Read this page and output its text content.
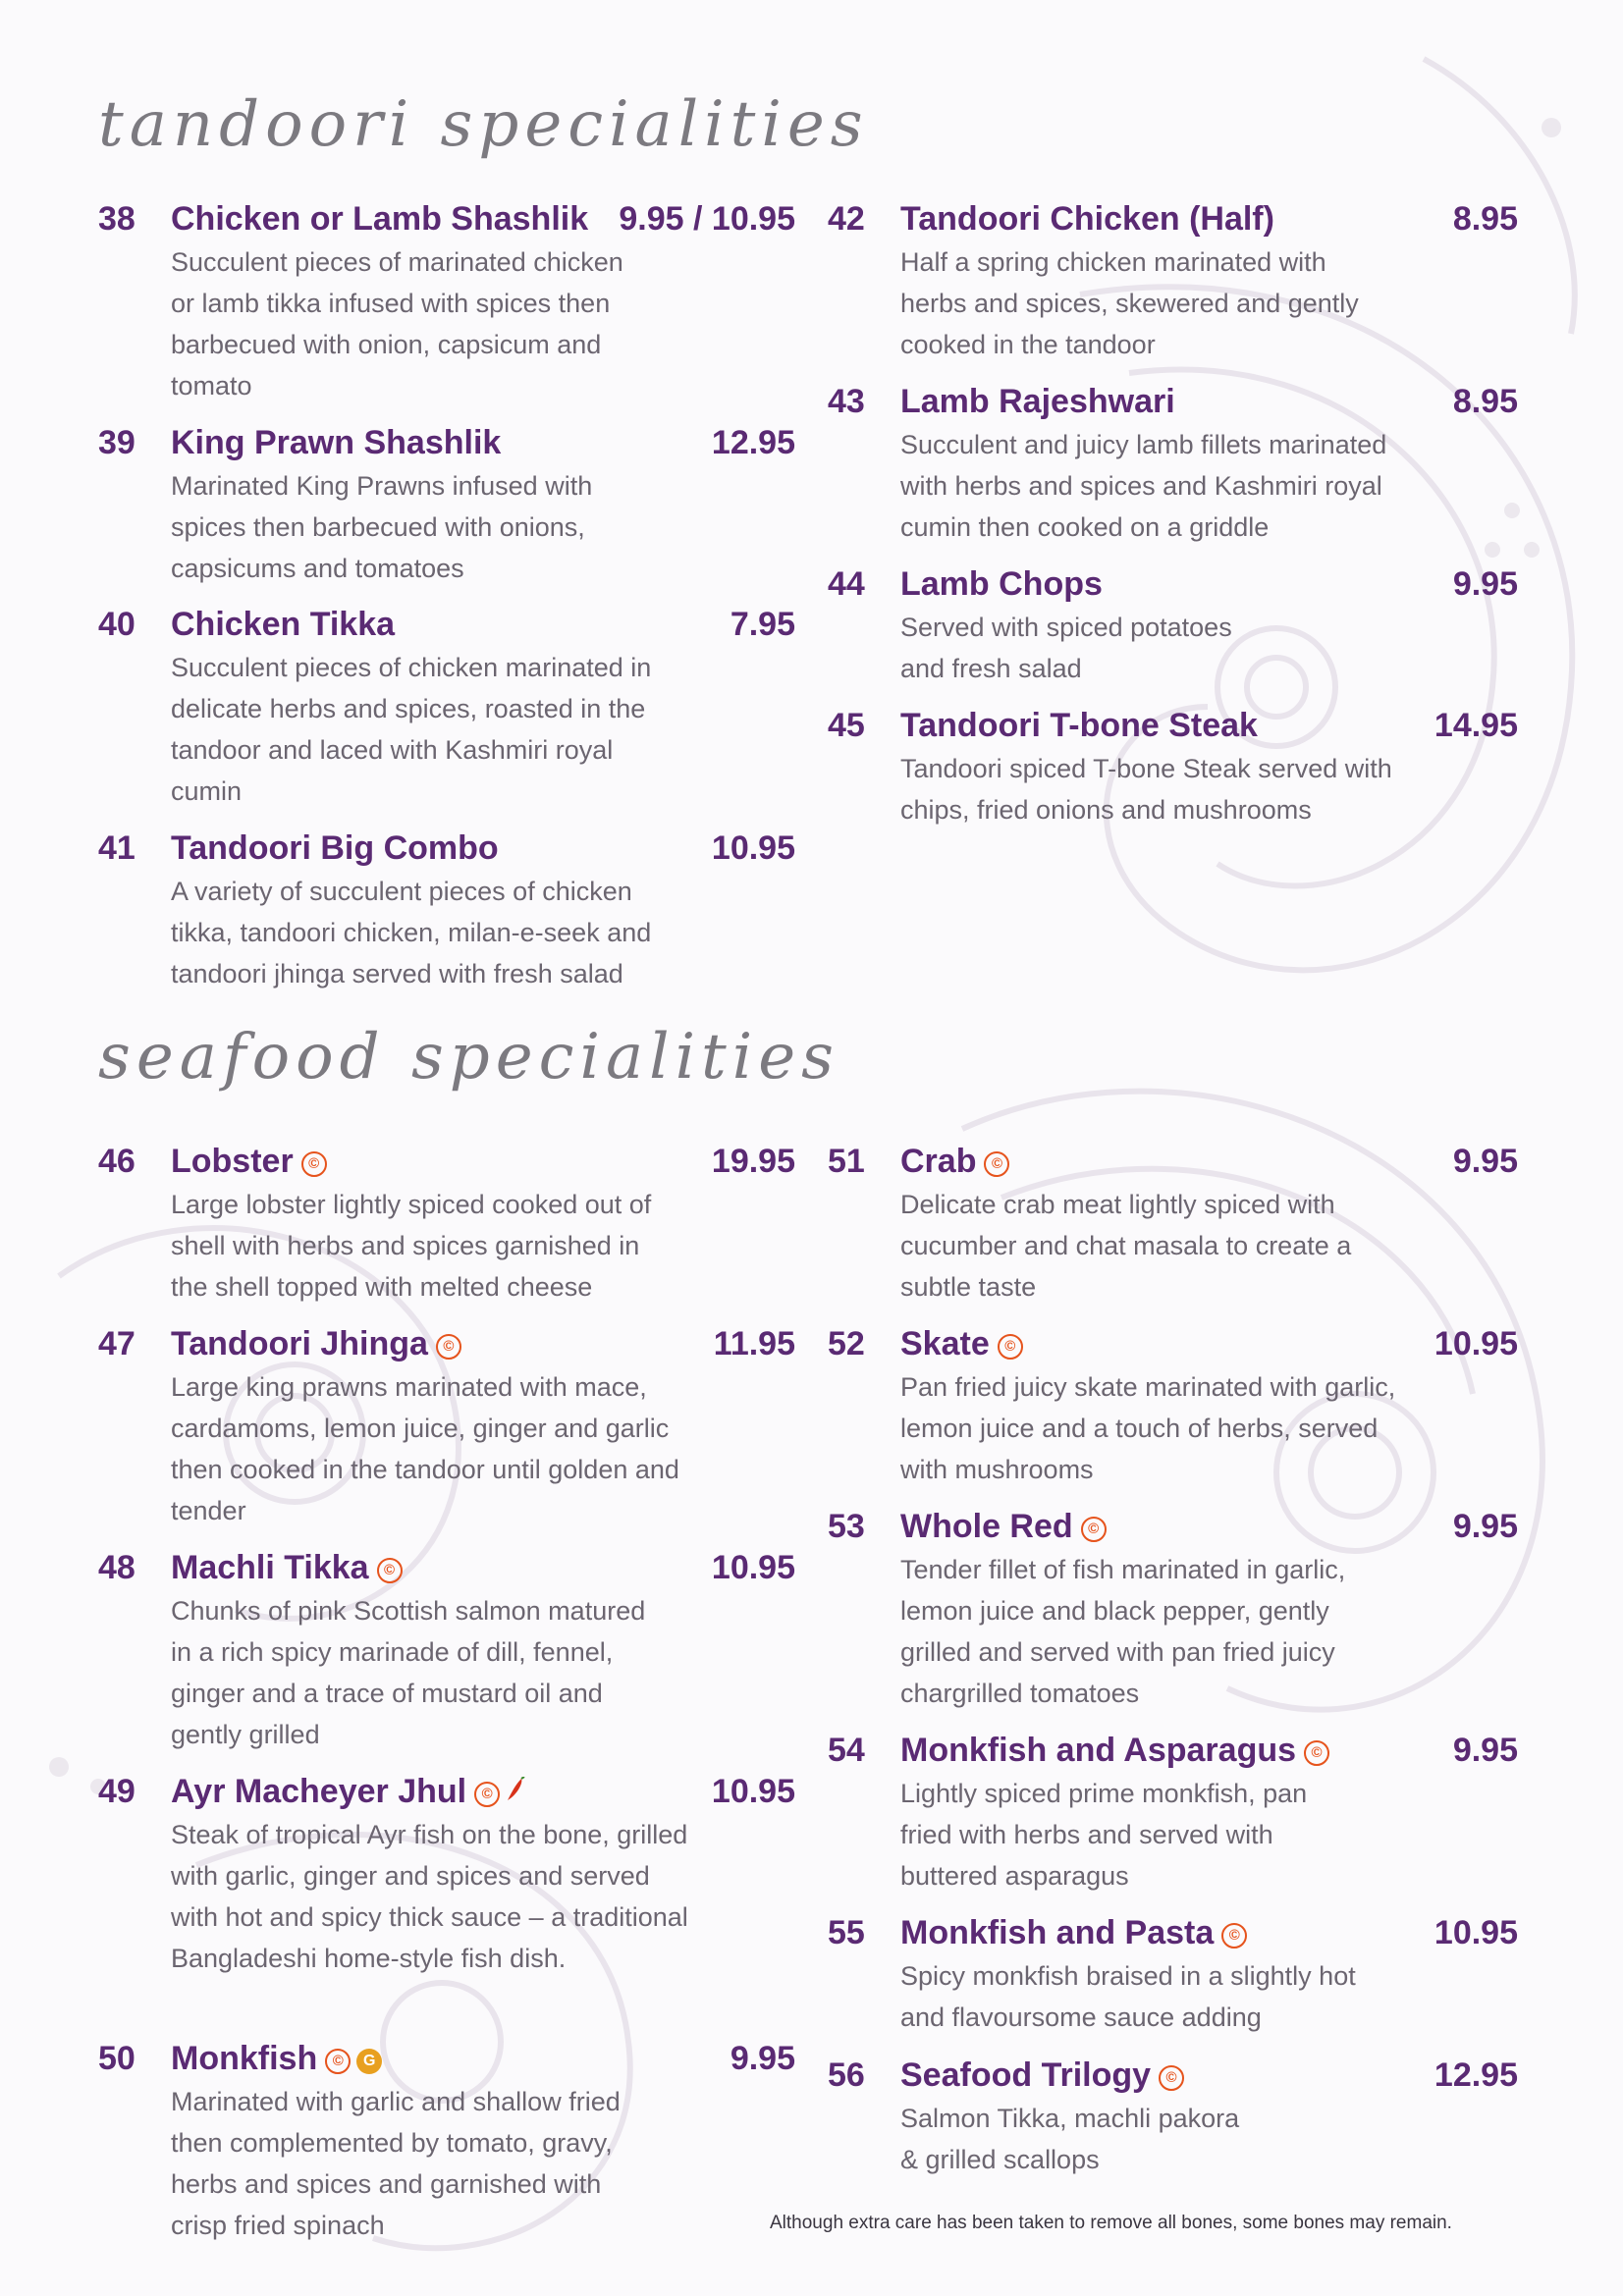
tandoori specialities
38 Chicken or Lamb Shashlik 9.95 / 10.95
Succulent pieces of marinated chicken or lamb tikka infused with spices then barbecued with onion, capsicum and tomato
39 King Prawn Shashlik	12.95
Marinated King Prawns infused with spices then barbecued with onions, capsicums and tomatoes
40 Chicken Tikka	7.95
Succulent pieces of chicken marinated in delicate herbs and spices, roasted in the tandoor and laced with Kashmiri royal cumin
41 Tandoori Big Combo	10.95
A variety of succulent pieces of chicken tikka, tandoori chicken, milan-e-seek and tandoori jhinga served with fresh salad
42 Tandoori Chicken (Half)	8.95
Half a spring chicken marinated with herbs and spices, skewered and gently cooked in the tandoor
43 Lamb Rajeshwari	8.95
Succulent and juicy lamb fillets marinated with herbs and spices and Kashmiri royal cumin then cooked on a griddle
44 Lamb Chops	9.95
Served with spiced potatoes and fresh salad
45 Tandoori T-bone Steak	14.95
Tandoori spiced T-bone Steak served with chips, fried onions and mushrooms
seafood specialities
46 Lobster ©	19.95
Large lobster lightly spiced cooked out of shell with herbs and spices garnished in the shell topped with melted cheese
47 Tandoori Jhinga ©	11.95
Large king prawns marinated with mace, cardamoms, lemon juice, ginger and garlic then cooked in the tandoor until golden and tender
48 Machli Tikka ©	10.95
Chunks of pink Scottish salmon matured in a rich spicy marinade of dill, fennel, ginger and a trace of mustard oil and gently grilled
49 Ayr Macheyer Jhul ©	10.95
Steak of tropical Ayr fish on the bone, grilled with garlic, ginger and spices and served with hot and spicy thick sauce – a traditional Bangladeshi home-style fish dish.
50 Monkfish © G	9.95
Marinated with garlic and shallow fried then complemented by tomato, gravy, herbs and spices and garnished with crisp fried spinach
51 Crab ©	9.95
Delicate crab meat lightly spiced with cucumber and chat masala to create a subtle taste
52 Skate ©	10.95
Pan fried juicy skate marinated with garlic, lemon juice and a touch of herbs, served with mushrooms
53 Whole Red ©	9.95
Tender fillet of fish marinated in garlic, lemon juice and black pepper, gently grilled and served with pan fried juicy chargrilled tomatoes
54 Monkfish and Asparagus ©	9.95
Lightly spiced prime monkfish, pan fried with herbs and served with buttered asparagus
55 Monkfish and Pasta ©	10.95
Spicy monkfish braised in a slightly hot and flavoursome sauce adding
56 Seafood Trilogy ©	12.95
Salmon Tikka, machli pakora & grilled scallops
Although extra care has been taken to remove all bones, some bones may remain.
